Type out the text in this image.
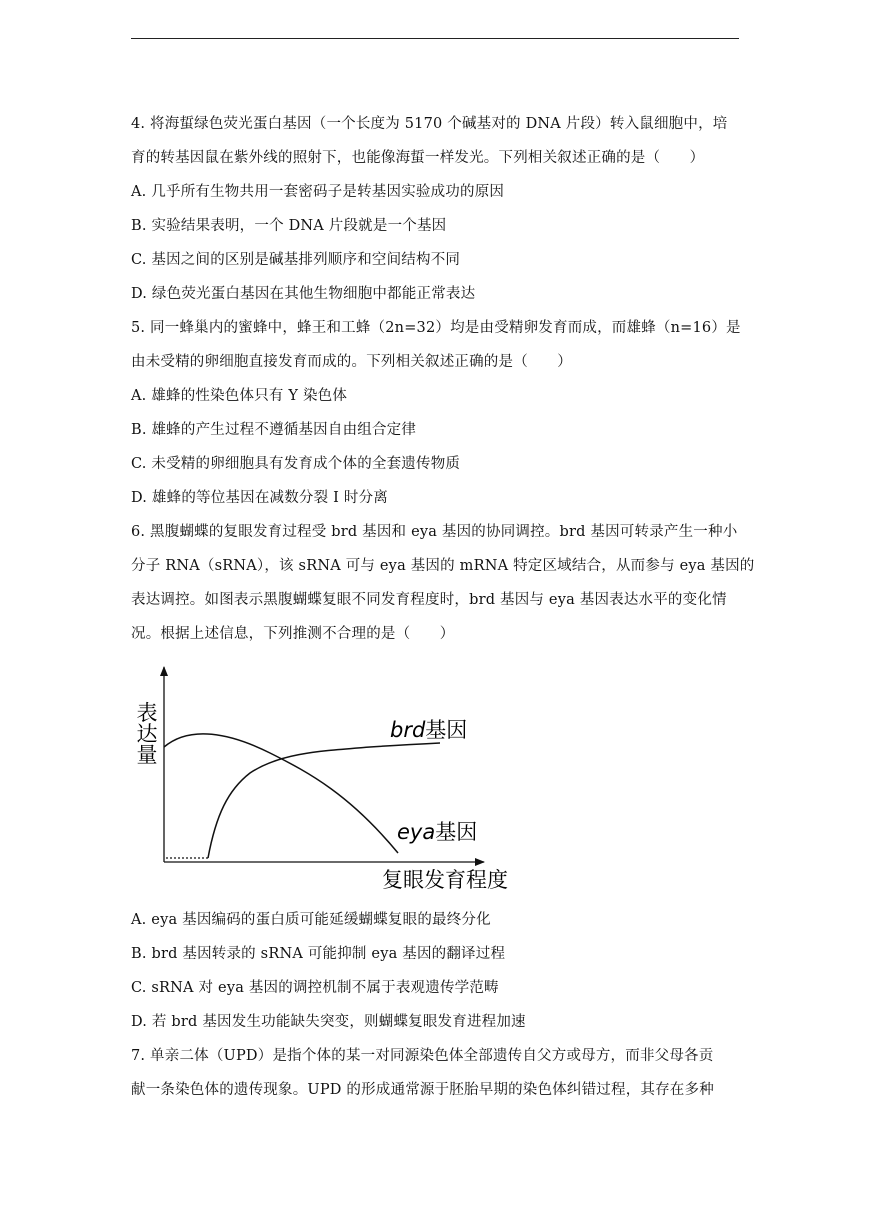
4. 将海蜇绿色荧光蛋白基因（一个长度为 5170 个碱基对的 DNA 片段）转入鼠细胞中，培
育的转基因鼠在紫外线的照射下，也能像海蜇一样发光。下列相关叙述正确的是（　　）
A. 几乎所有生物共用一套密码子是转基因实验成功的原因
B. 实验结果表明，一个 DNA 片段就是一个基因
C. 基因之间的区别是碱基排列顺序和空间结构不同
D. 绿色荧光蛋白基因在其他生物细胞中都能正常表达
5. 同一蜂巢内的蜜蜂中，蜂王和工蜂（2n=32）均是由受精卵发育而成，而雄蜂（n=16）是
由未受精的卵细胞直接发育而成的。下列相关叙述正确的是（　　）
A. 雄蜂的性染色体只有 Y 染色体
B. 雄蜂的产生过程不遵循基因自由组合定律
C. 未受精的卵细胞具有发育成个体的全套遗传物质
D. 雄蜂的等位基因在减数分裂 I 时分离
6. 黑腹蝴蝶的复眼发育过程受 brd 基因和 eya 基因的协同调控。brd 基因可转录产生一种小
分子 RNA（sRNA），该 sRNA 可与 eya 基因的 mRNA 特定区域结合，从而参与 eya 基因的
表达调控。如图表示黑腹蝴蝶复眼不同发育程度时，brd 基因与 eya 基因表达水平的变化情
况。根据上述信息，下列推测不合理的是（　　）
表达量	brd基因
eya基因
复眼发育程度
A. eya 基因编码的蛋白质可能延缓蝴蝶复眼的最终分化
B. brd 基因转录的 sRNA 可能抑制 eya 基因的翻译过程
C. sRNA 对 eya 基因的调控机制不属于表观遗传学范畴
D. 若 brd 基因发生功能缺失突变，则蝴蝶复眼发育进程加速
7. 单亲二体（UPD）是指个体的某一对同源染色体全部遗传自父方或母方，而非父母各贡
献一条染色体的遗传现象。UPD 的形成通常源于胚胎早期的染色体纠错过程，其存在多种
